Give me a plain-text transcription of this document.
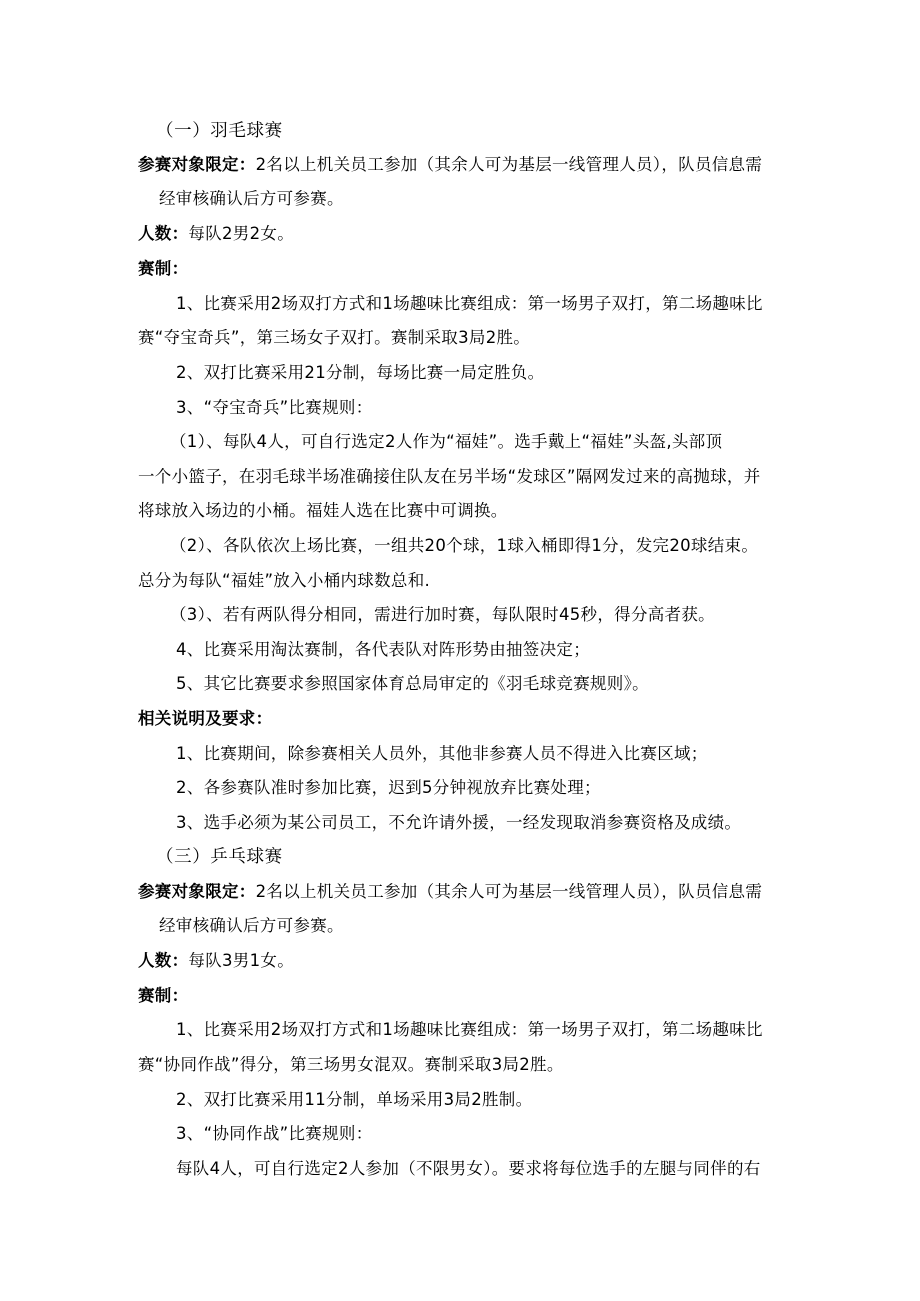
（一）羽毛球赛
参赛对象限定：2名以上机关员工参加（其余人可为基层一线管理人员），队员信息需
经审核确认后方可参赛。
人数：每队2男2女。
赛制：
1、比赛采用2场双打方式和1场趣味比赛组成：第一场男子双打，第二场趣味比
赛“夺宝奇兵”，第三场女子双打。赛制采取3局2胜。
2、双打比赛采用21分制，每场比赛一局定胜负。
3、“夺宝奇兵”比赛规则：
（1）、每队4人，可自行选定2人作为“福娃”。选手戴上“福娃”头盔,头部顶
一个小篮子，在羽毛球半场准确接住队友在另半场“发球区”隔网发过来的高抛球，并
将球放入场边的小桶。福娃人选在比赛中可调换。
（2）、各队依次上场比赛，一组共20个球，1球入桶即得1分，发完20球结束。
总分为每队“福娃”放入小桶内球数总和.
（3）、若有两队得分相同，需进行加时赛，每队限时45秒，得分高者获。
4、比赛采用淘汰赛制，各代表队对阵形势由抽签决定；
5、其它比赛要求参照国家体育总局审定的《羽毛球竞赛规则》。
相关说明及要求：
1、比赛期间，除参赛相关人员外，其他非参赛人员不得进入比赛区域；
2、各参赛队准时参加比赛，迟到5分钟视放弃比赛处理；
3、选手必须为某公司员工，不允许请外援，一经发现取消参赛资格及成绩。
（三）乒乓球赛
参赛对象限定：2名以上机关员工参加（其余人可为基层一线管理人员），队员信息需
经审核确认后方可参赛。
人数：每队3男1女。
赛制：
1、比赛采用2场双打方式和1场趣味比赛组成：第一场男子双打，第二场趣味比
赛“协同作战”得分，第三场男女混双。赛制采取3局2胜。
2、双打比赛采用11分制，单场采用3局2胜制。
3、“协同作战”比赛规则：
每队4人，可自行选定2人参加（不限男女）。要求将每位选手的左腿与同伴的右
